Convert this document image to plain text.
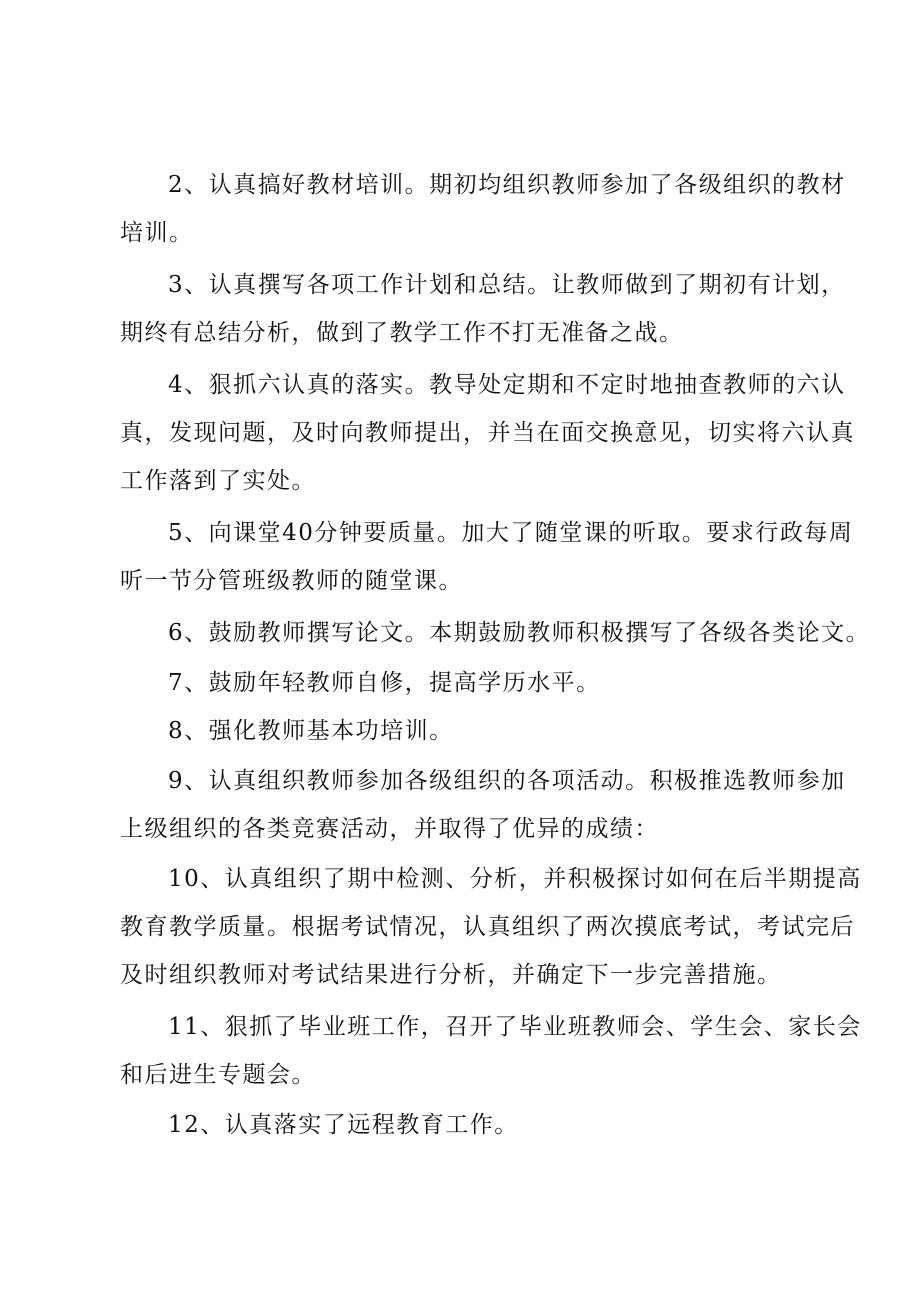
2、认真搞好教材培训。期初均组织教师参加了各级组织的教材
培训。
3、认真撰写各项工作计划和总结。让教师做到了期初有计划，
期终有总结分析，做到了教学工作不打无准备之战。
4、狠抓六认真的落实。教导处定期和不定时地抽查教师的六认
真，发现问题，及时向教师提出，并当在面交换意见，切实将六认真
工作落到了实处。
5、向课堂40分钟要质量。加大了随堂课的听取。要求行政每周
听一节分管班级教师的随堂课。
6、鼓励教师撰写论文。本期鼓励教师积极撰写了各级各类论文。
7、鼓励年轻教师自修，提高学历水平。
8、强化教师基本功培训。
9、认真组织教师参加各级组织的各项活动。积极推选教师参加
上级组织的各类竞赛活动，并取得了优异的成绩：
10、认真组织了期中检测、分析，并积极探讨如何在后半期提高
教育教学质量。根据考试情况，认真组织了两次摸底考试，考试完后
及时组织教师对考试结果进行分析，并确定下一步完善措施。
11、狠抓了毕业班工作，召开了毕业班教师会、学生会、家长会
和后进生专题会。
12、认真落实了远程教育工作。
